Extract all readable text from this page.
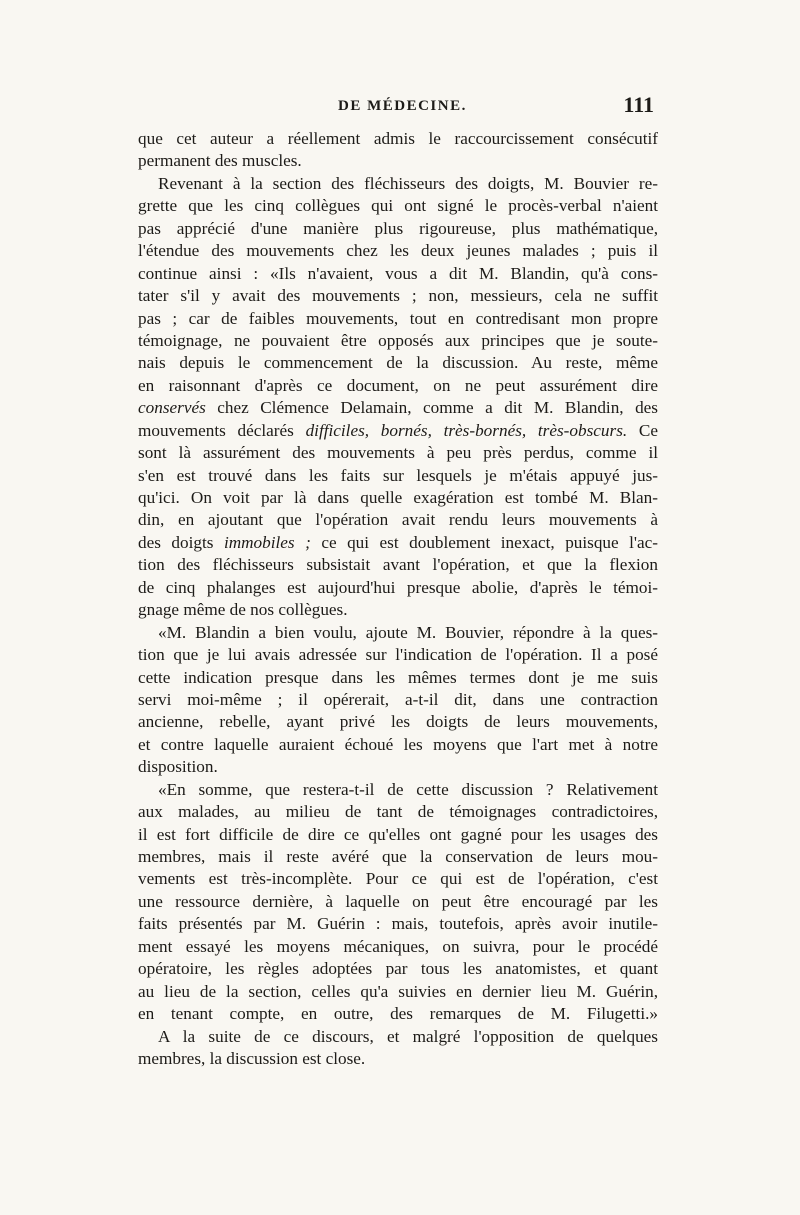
DE MÉDECINE.	111
que cet auteur a réellement admis le raccourcissement consécutif
permanent des muscles.
Revenant à la section des fléchisseurs des doigts, M. Bouvier re-
grette que les cinq collègues qui ont signé le procès-verbal n'aient
pas apprécié d'une manière plus rigoureuse, plus mathématique,
l'étendue des mouvements chez les deux jeunes malades ; puis il
continue ainsi : «Ils n'avaient, vous a dit M. Blandin, qu'à cons-
tater s'il y avait des mouvements ; non, messieurs, cela ne suffit
pas ; car de faibles mouvements, tout en contredisant mon propre
témoignage, ne pouvaient être opposés aux principes que je soute-
nais depuis le commencement de la discussion. Au reste, même
en raisonnant d'après ce document, on ne peut assurément dire
conservés chez Clémence Delamain, comme a dit M. Blandin, des
mouvements déclarés difficiles, bornés, très-bornés, très-obscurs. Ce
sont là assurément des mouvements à peu près perdus, comme il
s'en est trouvé dans les faits sur lesquels je m'étais appuyé jus-
qu'ici. On voit par là dans quelle exagération est tombé M. Blan-
din, en ajoutant que l'opération avait rendu leurs mouvements à
des doigts immobiles ; ce qui est doublement inexact, puisque l'ac-
tion des fléchisseurs subsistait avant l'opération, et que la flexion
de cinq phalanges est aujourd'hui presque abolie, d'après le témoi-
gnage même de nos collègues.
«M. Blandin a bien voulu, ajoute M. Bouvier, répondre à la ques-
tion que je lui avais adressée sur l'indication de l'opération. Il a posé
cette indication presque dans les mêmes termes dont je me suis
servi moi-même ; il opérerait, a-t-il dit, dans une contraction
ancienne, rebelle, ayant privé les doigts de leurs mouvements,
et contre laquelle auraient échoué les moyens que l'art met à notre
disposition.
«En somme, que restera-t-il de cette discussion ? Relativement
aux malades, au milieu de tant de témoignages contradictoires,
il est fort difficile de dire ce qu'elles ont gagné pour les usages des
membres, mais il reste avéré que la conservation de leurs mou-
vements est très-incomplète. Pour ce qui est de l'opération, c'est
une ressource dernière, à laquelle on peut être encouragé par les
faits présentés par M. Guérin : mais, toutefois, après avoir inutile-
ment essayé les moyens mécaniques, on suivra, pour le procédé
opératoire, les règles adoptées par tous les anatomistes, et quant
au lieu de la section, celles qu'a suivies en dernier lieu M. Guérin,
en tenant compte, en outre, des remarques de M. Filugetti.»
A la suite de ce discours, et malgré l'opposition de quelques
membres, la discussion est close.
